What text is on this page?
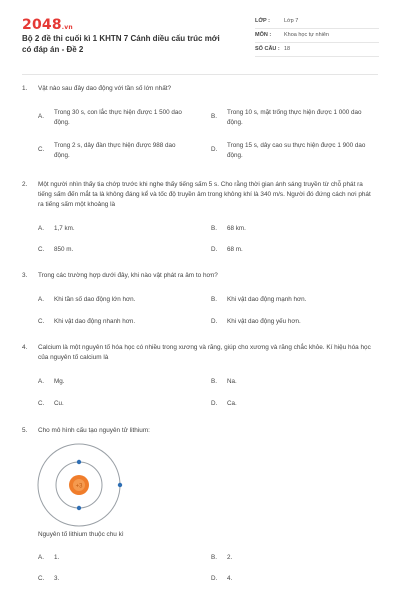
2048.vn
Bộ 2 đề thi cuối kì 1 KHTN 7 Cánh diều cấu trúc mới có đáp án - Đề 2
LỚP :	Lớp 7
MÔN : Khoa học tự nhiên
SỐ CÂU : 18
1. Vật nào sau đây dao động với tần số lớn nhất?
A.
Trong 30 s, con lắc thực hiện được 1 500 dao động.
B.
Trong 10 s, mặt trống thực hiện được 1 000 dao động.
C.
Trong 2 s, dây đàn thực hiện được 988 dao động.
D.
Trong 15 s, dây cao su thực hiện được 1 900 dao động.
2. Một người nhìn thấy tia chớp trước khi nghe thấy tiếng sấm 5 s. Cho rằng thời gian ánh sáng truyền từ chỗ phát ra tiếng sấm đến mắt ta là không đáng kể và tốc độ truyền âm trong không khí là 340 m/s. Người đó đứng cách nơi phát ra tiếng sấm một khoảng là
A. 1,7 km.	B. 68 km.
C. 850 m.	D. 68 m.
3. Trong các trường hợp dưới đây, khi nào vật phát ra âm to hơn?
A. Khi tần số dao động lớn hơn.	B. Khi vật dao động mạnh hơn.
C. Khi vật dao động nhanh hơn.	D. Khi vật dao động yếu hơn.
4. Calcium là một nguyên tố hóa học có nhiều trong xương và răng, giúp cho xương và răng chắc khỏe. Kí hiệu hóa học của nguyên tố calcium là
A. Mg.	B. Na.
C. Cu.	D. Ca.
5. Cho mô hình cấu tạo nguyên tử lithium:
+3
Nguyên tố lithium thuộc chu kì
A. 1.	B. 2.
C. 3.	D. 4.
